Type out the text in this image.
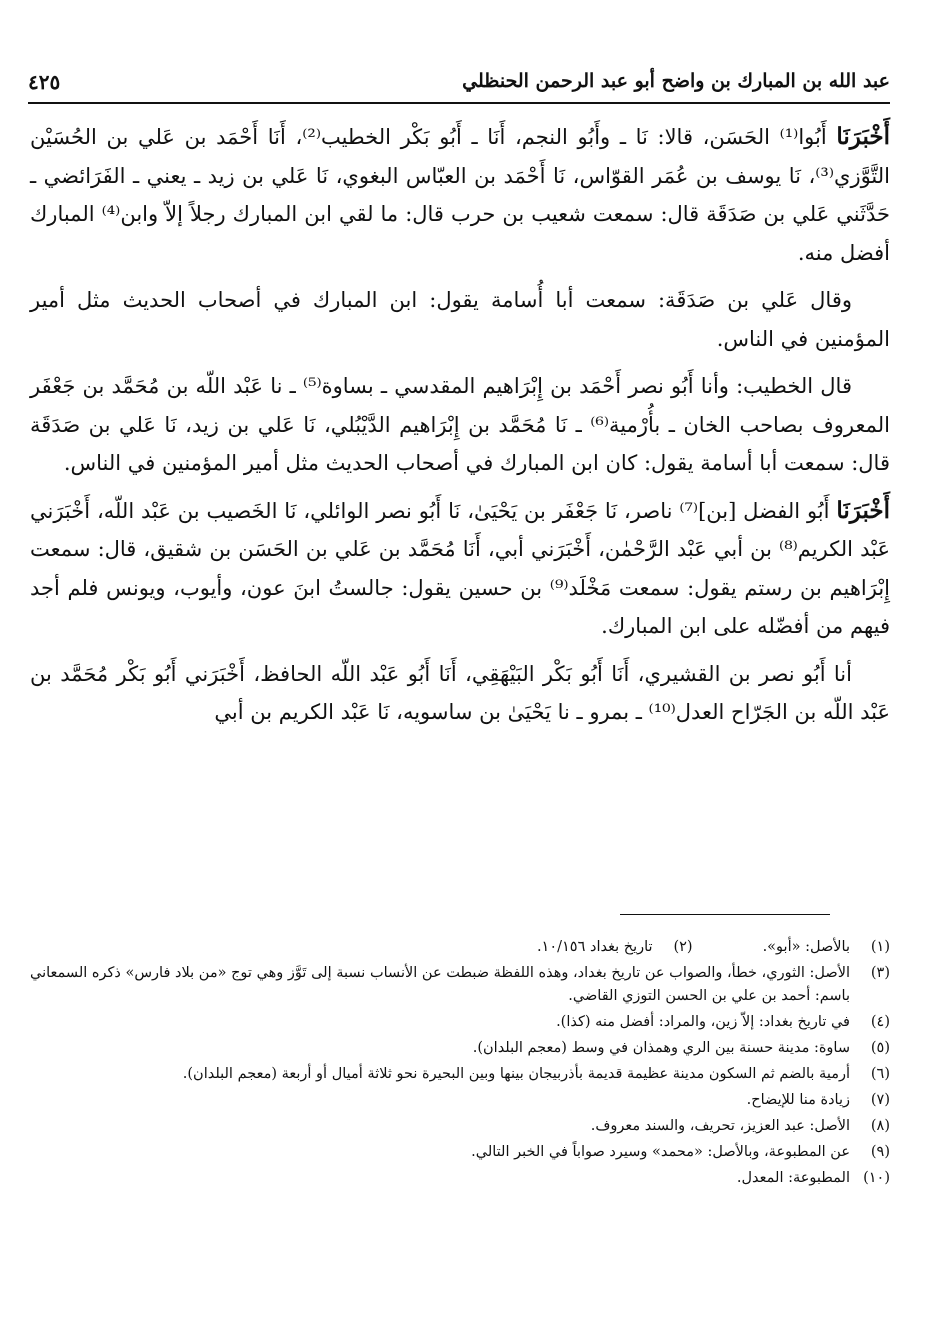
عبد الله بن المبارك بن واضح أبو عبد الرحمن الحنظلي
٤٢٥

أَخْبَرَنَا أَبُوا⁽¹⁾ الحَسَن، قالا: نَا ـ وأَبُو النجم، أَنَا ـ أَبُو بَكْر الخطيب⁽²⁾، أَنَا أَحْمَد بن عَلي بن الحُسَيْن التَّوَّزي⁽³⁾، نَا يوسف بن عُمَر القوّاس، نَا أَحْمَد بن العبّاس البغوي، نَا عَلي بن زيد ـ يعني ـ الفَرَائضي ـ حَدَّثَني عَلي بن صَدَقَة قال: سمعت شعيب بن حرب قال: ما لقي ابن المبارك رجلاً إلاّ وابن⁽⁴⁾ المبارك أفضل منه.

وقال عَلي بن صَدَقَة: سمعت أبا أُسامة يقول: ابن المبارك في أصحاب الحديث مثل أمير المؤمنين في الناس.

قال الخطيب: وأنا أَبُو نصر أَحْمَد بن إِبْرَاهيم المقدسي ـ بساوة⁽⁵⁾ ـ نا عَبْد اللّه بن مُحَمَّد بن جَعْفَر المعروف بصاحب الخان ـ بأُرْمية⁽⁶⁾ ـ نَا مُحَمَّد بن إِبْرَاهيم الدَّيْبُلي، نَا عَلي بن زيد، نَا عَلي بن صَدَقَة قال: سمعت أبا أسامة يقول: كان ابن المبارك في أصحاب الحديث مثل أمير المؤمنين في الناس.

أَخْبَرَنَا أَبُو الفضل [بن]⁽⁷⁾ ناصر، نَا جَعْفَر بن يَحْيَىٰ، نَا أَبُو نصر الوائلي، نَا الخَصيب بن عَبْد اللّه، أَخْبَرَني عَبْد الكريم⁽⁸⁾ بن أبي عَبْد الرَّحْمٰن، أَخْبَرَني أبي، أَنَا مُحَمَّد بن عَلي بن الحَسَن بن شقيق، قال: سمعت إِبْرَاهيم بن رستم يقول: سمعت مَخْلَد⁽⁹⁾ بن حسين يقول: جالستُ ابنَ عون، وأيوب، ويونس فلم أجد فيهم من أفضّله على ابن المبارك.

أنا أَبُو نصر بن القشيري، أَنَا أَبُو بَكْر البَيْهَقِي، أَنَا أَبُو عَبْد اللّه الحافظ، أَخْبَرَني أَبُو بَكْر مُحَمَّد بن عَبْد اللّه بن الجَرّاح العدل⁽¹⁰⁾ ـ بمرو ـ نا يَحْيَىٰ بن ساسويه، نَا عَبْد الكريم بن أبي

(١)
بالأصل: «أبو».
(٢)
تاريخ بغداد ١٠/١٥٦.
(٣)
الأصل: الثوري، خطأ، والصواب عن تاريخ بغداد، وهذه اللفظة ضبطت عن الأنساب نسبة إلى تَوَّز وهي توج «من بلاد فارس» ذكره السمعاني باسم: أحمد بن علي بن الحسن التوزي القاضي.
(٤)
في تاريخ بغداد: إلاّ زين، والمراد: أفضل منه (كذا).
(٥)
ساوة: مدينة حسنة بين الري وهمذان في وسط (معجم البلدان).
(٦)
أرمية بالضم ثم السكون مدينة عظيمة قديمة بأذربيجان بينها وبين البحيرة نحو ثلاثة أميال أو أربعة (معجم البلدان).
(٧)
زيادة منا للإيضاح.
(٨)
الأصل: عبد العزيز، تحريف، والسند معروف.
(٩)
عن المطبوعة، وبالأصل: «محمد» وسيرد صواباً في الخبر التالي.
(١٠)
المطبوعة: المعدل.
